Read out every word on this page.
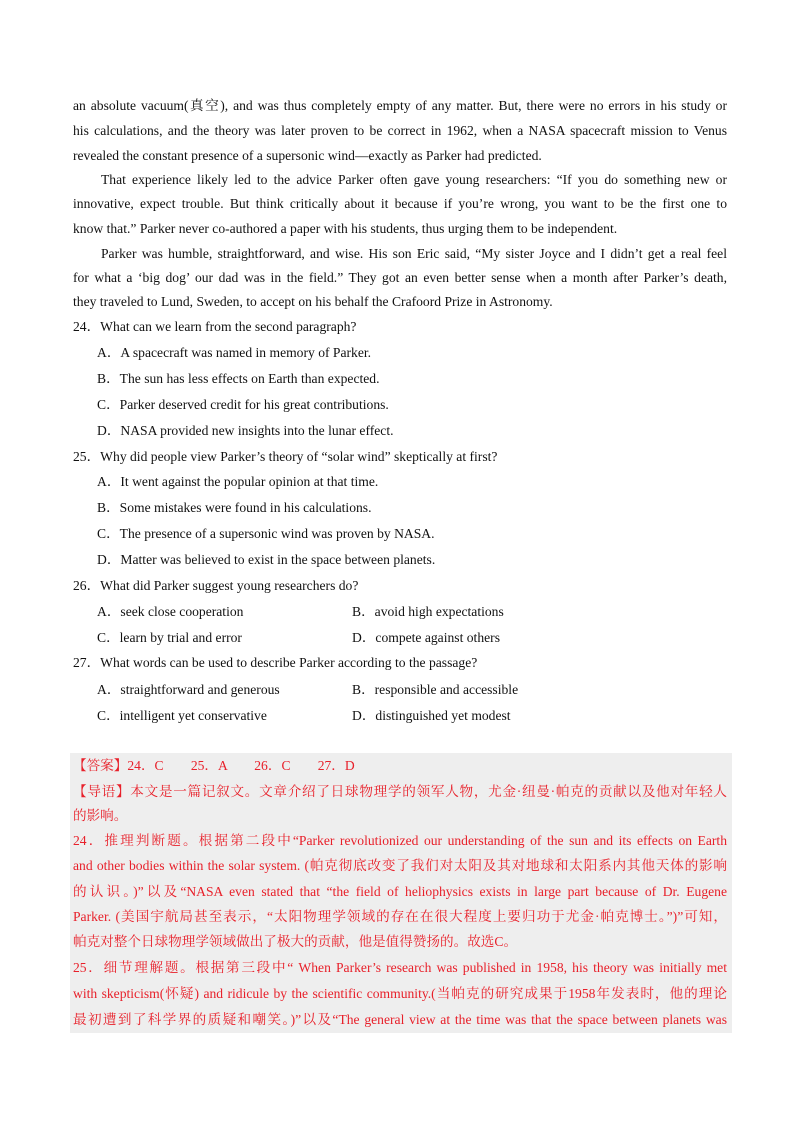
an absolute vacuum(真空), and was thus completely empty of any matter. But, there were no errors in his study or
his calculations, and the theory was later proven to be correct in 1962, when a NASA spacecraft mission to Venus
revealed the constant presence of a supersonic wind—exactly as Parker had predicted.
That experience likely led to the advice Parker often gave young researchers: “If you do something new or
innovative, expect trouble. But think critically about it because if you’re wrong, you want to be the first one to
know that.” Parker never co-authored a paper with his students, thus urging them to be independent.
Parker was humble, straightforward, and wise. His son Eric said, “My sister Joyce and I didn’t get a real feel
for what a ‘big dog’ our dad was in the field.” They got an even better sense when a month after Parker’s death,
they traveled to Lund, Sweden, to accept on his behalf the Crafoord Prize in Astronomy.
24．What can we learn from the second paragraph?
A．A spacecraft was named in memory of Parker.
B．The sun has less effects on Earth than expected.
C．Parker deserved credit for his great contributions.
D．NASA provided new insights into the lunar effect.
25．Why did people view Parker’s theory of “solar wind” skeptically at first?
A．It went against the popular opinion at that time.
B．Some mistakes were found in his calculations.
C．The presence of a supersonic wind was proven by NASA.
D．Matter was believed to exist in the space between planets.
26．What did Parker suggest young researchers do?
A．seek close cooperation	B．avoid high expectations
C．learn by trial and error	D．compete against others
27．What words can be used to describe Parker according to the passage?
A．straightforward and generous	B．responsible and accessible
C．intelligent yet conservative	D．distinguished yet modest
【答案】24．C　　25．A　　26．C　　27．D
【导语】本文是一篇记叙文。文章介绍了日球物理学的领军人物，尤金·纽曼·帕克的贡献以及他对年轻人
的影响。
24．推理判断题。根据第二段中“Parker revolutionized our understanding of the sun and its effects on Earth
and other bodies within the solar system. (帕克彻底改变了我们对太阳及其对地球和太阳系内其他天体的影响
的认识。)”以及“NASA even stated that “the field of heliophysics exists in large part because of Dr. Eugene
Parker. (美国宇航局甚至表示，“太阳物理学领域的存在在很大程度上要归功于尤金·帕克博士。”)”可知，
帕克对整个日球物理学领域做出了极大的贡献，他是值得赞扬的。故选C。
25．细节理解题。根据第三段中“ When Parker’s research was published in 1958, his theory was initially met
with skepticism(怀疑) and ridicule by the scientific community.(当帕克的研究成果于1958年发表时，他的理论
最初遭到了科学界的质疑和嘲笑。)”以及“The general view at the time was that the space between planets was
